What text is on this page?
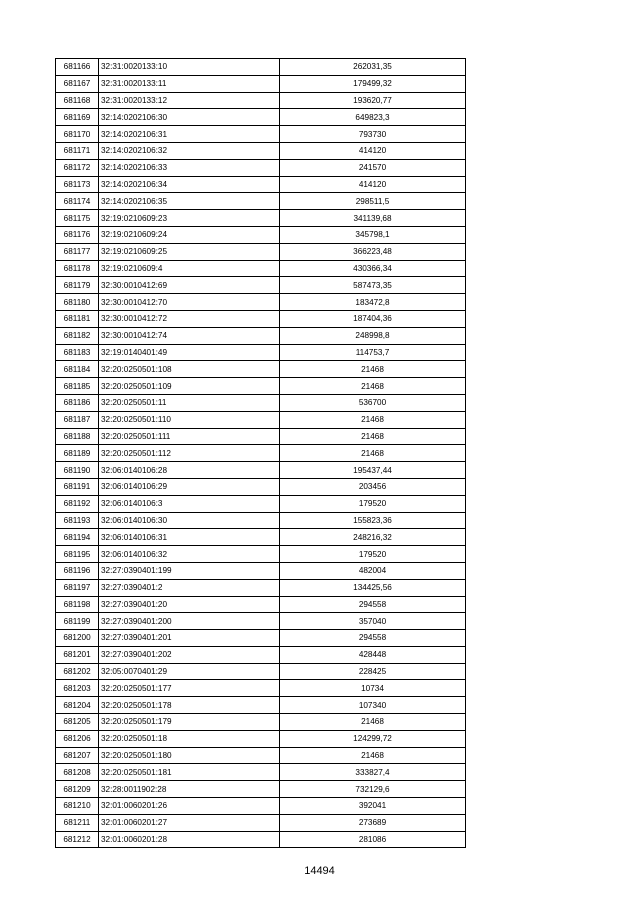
681166	32:31:0020133:10	262031,35
681167	32:31:0020133:11	179499,32
681168	32:31:0020133:12	193620,77
681169	32:14:0202106:30	649823,3
681170	32:14:0202106:31	793730
681171	32:14:0202106:32	414120
681172	32:14:0202106:33	241570
681173	32:14:0202106:34	414120
681174	32:14:0202106:35	298511,5
681175	32:19:0210609:23	341139,68
681176	32:19:0210609:24	345798,1
681177	32:19:0210609:25	366223,48
681178	32:19:0210609:4	430366,34
681179	32:30:0010412:69	587473,35
681180	32:30:0010412:70	183472,8
681181	32:30:0010412:72	187404,36
681182	32:30:0010412:74	248998,8
681183	32:19:0140401:49	114753,7
681184	32:20:0250501:108	21468
681185	32:20:0250501:109	21468
681186	32:20:0250501:11	536700
681187	32:20:0250501:110	21468
681188	32:20:0250501:111	21468
681189	32:20:0250501:112	21468
681190	32:06:0140106:28	195437,44
681191	32:06:0140106:29	203456
681192	32:06:0140106:3	179520
681193	32:06:0140106:30	155823,36
681194	32:06:0140106:31	248216,32
681195	32:06:0140106:32	179520
681196	32:27:0390401:199	482004
681197	32:27:0390401:2	134425,56
681198	32:27:0390401:20	294558
681199	32:27:0390401:200	357040
681200	32:27:0390401:201	294558
681201	32:27:0390401:202	428448
681202	32:05:0070401:29	228425
681203	32:20:0250501:177	10734
681204	32:20:0250501:178	107340
681205	32:20:0250501:179	21468
681206	32:20:0250501:18	124299,72
681207	32:20:0250501:180	21468
681208	32:20:0250501:181	333827,4
681209	32:28:0011902:28	732129,6
681210	32:01:0060201:26	392041
681211	32:01:0060201:27	273689
681212	32:01:0060201:28	281086
14494
